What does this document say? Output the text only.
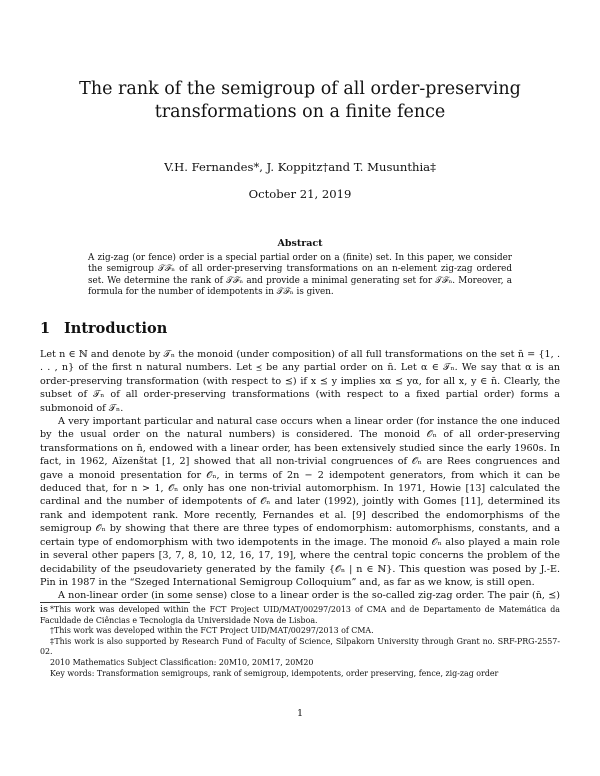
The rank of the semigroup of all order-preserving transformations on a finite fence
V.H. Fernandes*, J. Koppitz†and T. Musunthia‡
October 21, 2019
Abstract
A zig-zag (or fence) order is a special partial order on a (finite) set. In this paper, we consider the semigroup 𝒯ℱₙ of all order-preserving transformations on an n-element zig-zag ordered set. We determine the rank of 𝒯ℱₙ and provide a minimal generating set for 𝒯ℱₙ. Moreover, a formula for the number of idempotents in 𝒯ℱₙ is given.
1 Introduction

Let n ∈ ℕ and denote by 𝒯ₙ the monoid (under composition) of all full transformations on the set n̄ = {1, . . . , n} of the first n natural numbers. Let ⪯ be any partial order on n̄. Let α ∈ 𝒯ₙ. We say that α is an order-preserving transformation (with respect to ⪯) if x ⪯ y implies xα ⪯ yα, for all x, y ∈ n̄. Clearly, the subset of 𝒯ₙ of all order-preserving transformations (with respect to a fixed partial order) forms a submonoid of 𝒯ₙ.

A very important particular and natural case occurs when a linear order (for instance the one induced by the usual order on the natural numbers) is considered. The monoid 𝒪ₙ of all order-preserving transformations on n̄, endowed with a linear order, has been extensively studied since the early 1960s. In fact, in 1962, Aĭzenštat [1, 2] showed that all non-trivial congruences of 𝒪ₙ are Rees congruences and gave a monoid presentation for 𝒪ₙ, in terms of 2n − 2 idempotent generators, from which it can be deduced that, for n > 1, 𝒪ₙ only has one non-trivial automorphism. In 1971, Howie [13] calculated the cardinal and the number of idempotents of 𝒪ₙ and later (1992), jointly with Gomes [11], determined its rank and idempotent rank. More recently, Fernandes et al. [9] described the endomorphisms of the semigroup 𝒪ₙ by showing that there are three types of endomorphism: automorphisms, constants, and a certain type of endomorphism with two idempotents in the image. The monoid 𝒪ₙ also played a main role in several other papers [3, 7, 8, 10, 12, 16, 17, 19], where the central topic concerns the problem of the decidability of the pseudovariety generated by the family {𝒪ₙ | n ∈ ℕ}. This question was posed by J.-E. Pin in 1987 in the “Szeged International Semigroup Colloquium” and, as far as we know, is still open.

A non-linear order (in some sense) close to a linear order is the so-called zig-zag order. The pair (n̄, ⪯) is *This work was developed within the FCT Project UID/MAT/00297/2013 of CMA and de Departamento de Matemática da Faculdade de Ciências e Tecnologia da Universidade Nova de Lisboa.
†This work was developed within the FCT Project UID/MAT/00297/2013 of CMA.
‡This work is also supported by Research Fund of Faculty of Science, Silpakorn University through Grant no. SRF-PRG-2557-02.
2010 Mathematics Subject Classification: 20M10, 20M17, 20M20
Key words: Transformation semigroups, rank of semigroup, idempotents, order preserving, fence, zig-zag order
1
